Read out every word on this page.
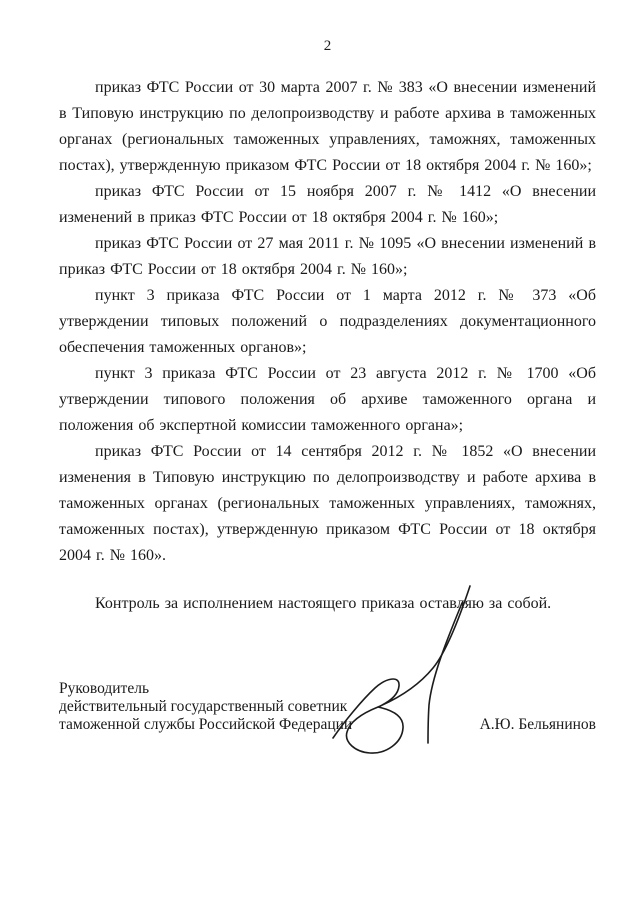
2

приказ ФТС России от 30 марта 2007 г. № 383 «О внесении изменений в Типовую инструкцию по делопроизводству и работе архива в таможенных органах (региональных таможенных управлениях, таможнях, таможенных постах), утвержденную приказом ФТС России от 18 октября 2004 г. № 160»;

приказ ФТС России от 15 ноября 2007 г. № 1412 «О внесении изменений в приказ ФТС России от 18 октября 2004 г. № 160»;

приказ ФТС России от 27 мая 2011 г. № 1095 «О внесении изменений в приказ ФТС России от 18 октября 2004 г. № 160»;

пункт 3 приказа ФТС России от 1 марта 2012 г. № 373 «Об утверждении типовых положений о подразделениях документационного обеспечения таможенных органов»;

пункт 3 приказа ФТС России от 23 августа 2012 г. № 1700 «Об утверждении типового положения об архиве таможенного органа и положения об экспертной комиссии таможенного органа»;

приказ ФТС России от 14 сентября 2012 г. № 1852 «О внесении изменения в Типовую инструкцию по делопроизводству и работе архива в таможенных органах (региональных таможенных управлениях, таможнях, таможенных постах), утвержденную приказом ФТС России от 18 октября 2004 г. № 160».

Контроль за исполнением настоящего приказа оставляю за собой.

Руководитель
действительный государственный советник
таможенной службы Российской Федерации	А.Ю. Бельянинов
